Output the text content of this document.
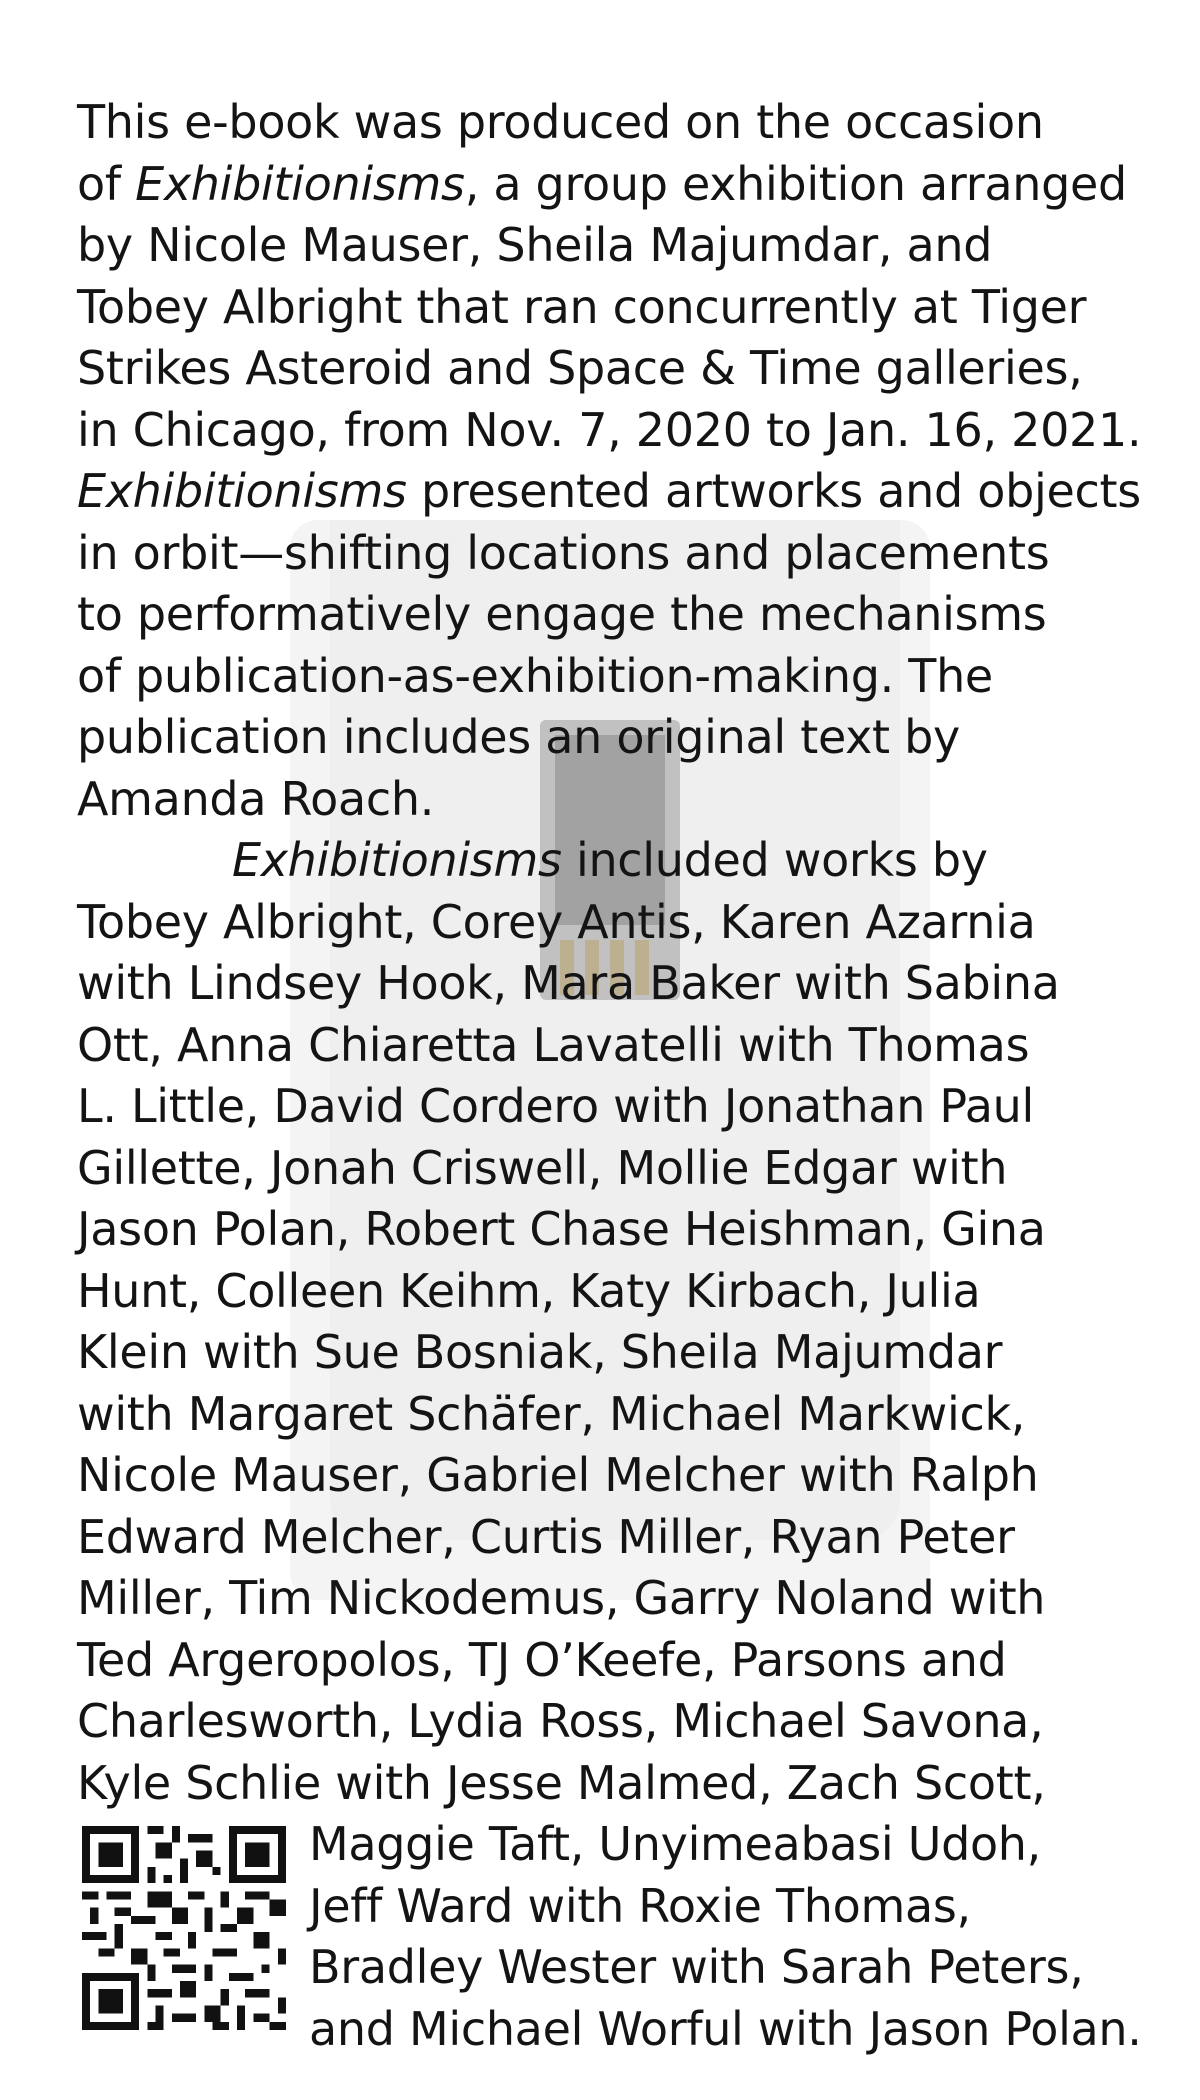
This e-book was produced on the occasion
of Exhibitionisms, a group exhibition arranged
by Nicole Mauser, Sheila Majumdar, and
Tobey Albright that ran concurrently at Tiger
Strikes Asteroid and Space & Time galleries,
in Chicago, from Nov. 7, 2020 to Jan. 16, 2021.
Exhibitionisms presented artworks and objects
in orbit—shifting locations and placements
to performatively engage the mechanisms
of publication-as-exhibition-making. The
publication includes an original text by
Amanda Roach.
Exhibitionisms included works by
Tobey Albright, Corey Antis, Karen Azarnia
with Lindsey Hook, Mara Baker with Sabina
Ott, Anna Chiaretta Lavatelli with Thomas
L. Little, David Cordero with Jonathan Paul
Gillette, Jonah Criswell, Mollie Edgar with
Jason Polan, Robert Chase Heishman, Gina
Hunt, Colleen Keihm, Katy Kirbach, Julia
Klein with Sue Bosniak, Sheila Majumdar
with Margaret Schäfer, Michael Markwick,
Nicole Mauser, Gabriel Melcher with Ralph
Edward Melcher, Curtis Miller, Ryan Peter
Miller, Tim Nickodemus, Garry Noland with
Ted Argeropolos, TJ O’Keefe, Parsons and
Charlesworth, Lydia Ross, Michael Savona,
Kyle Schlie with Jesse Malmed, Zach Scott,
Maggie Taft, Unyimeabasi Udoh,
Jeff Ward with Roxie Thomas,
Bradley Wester with Sarah Peters,
and Michael Worful with Jason Polan.
